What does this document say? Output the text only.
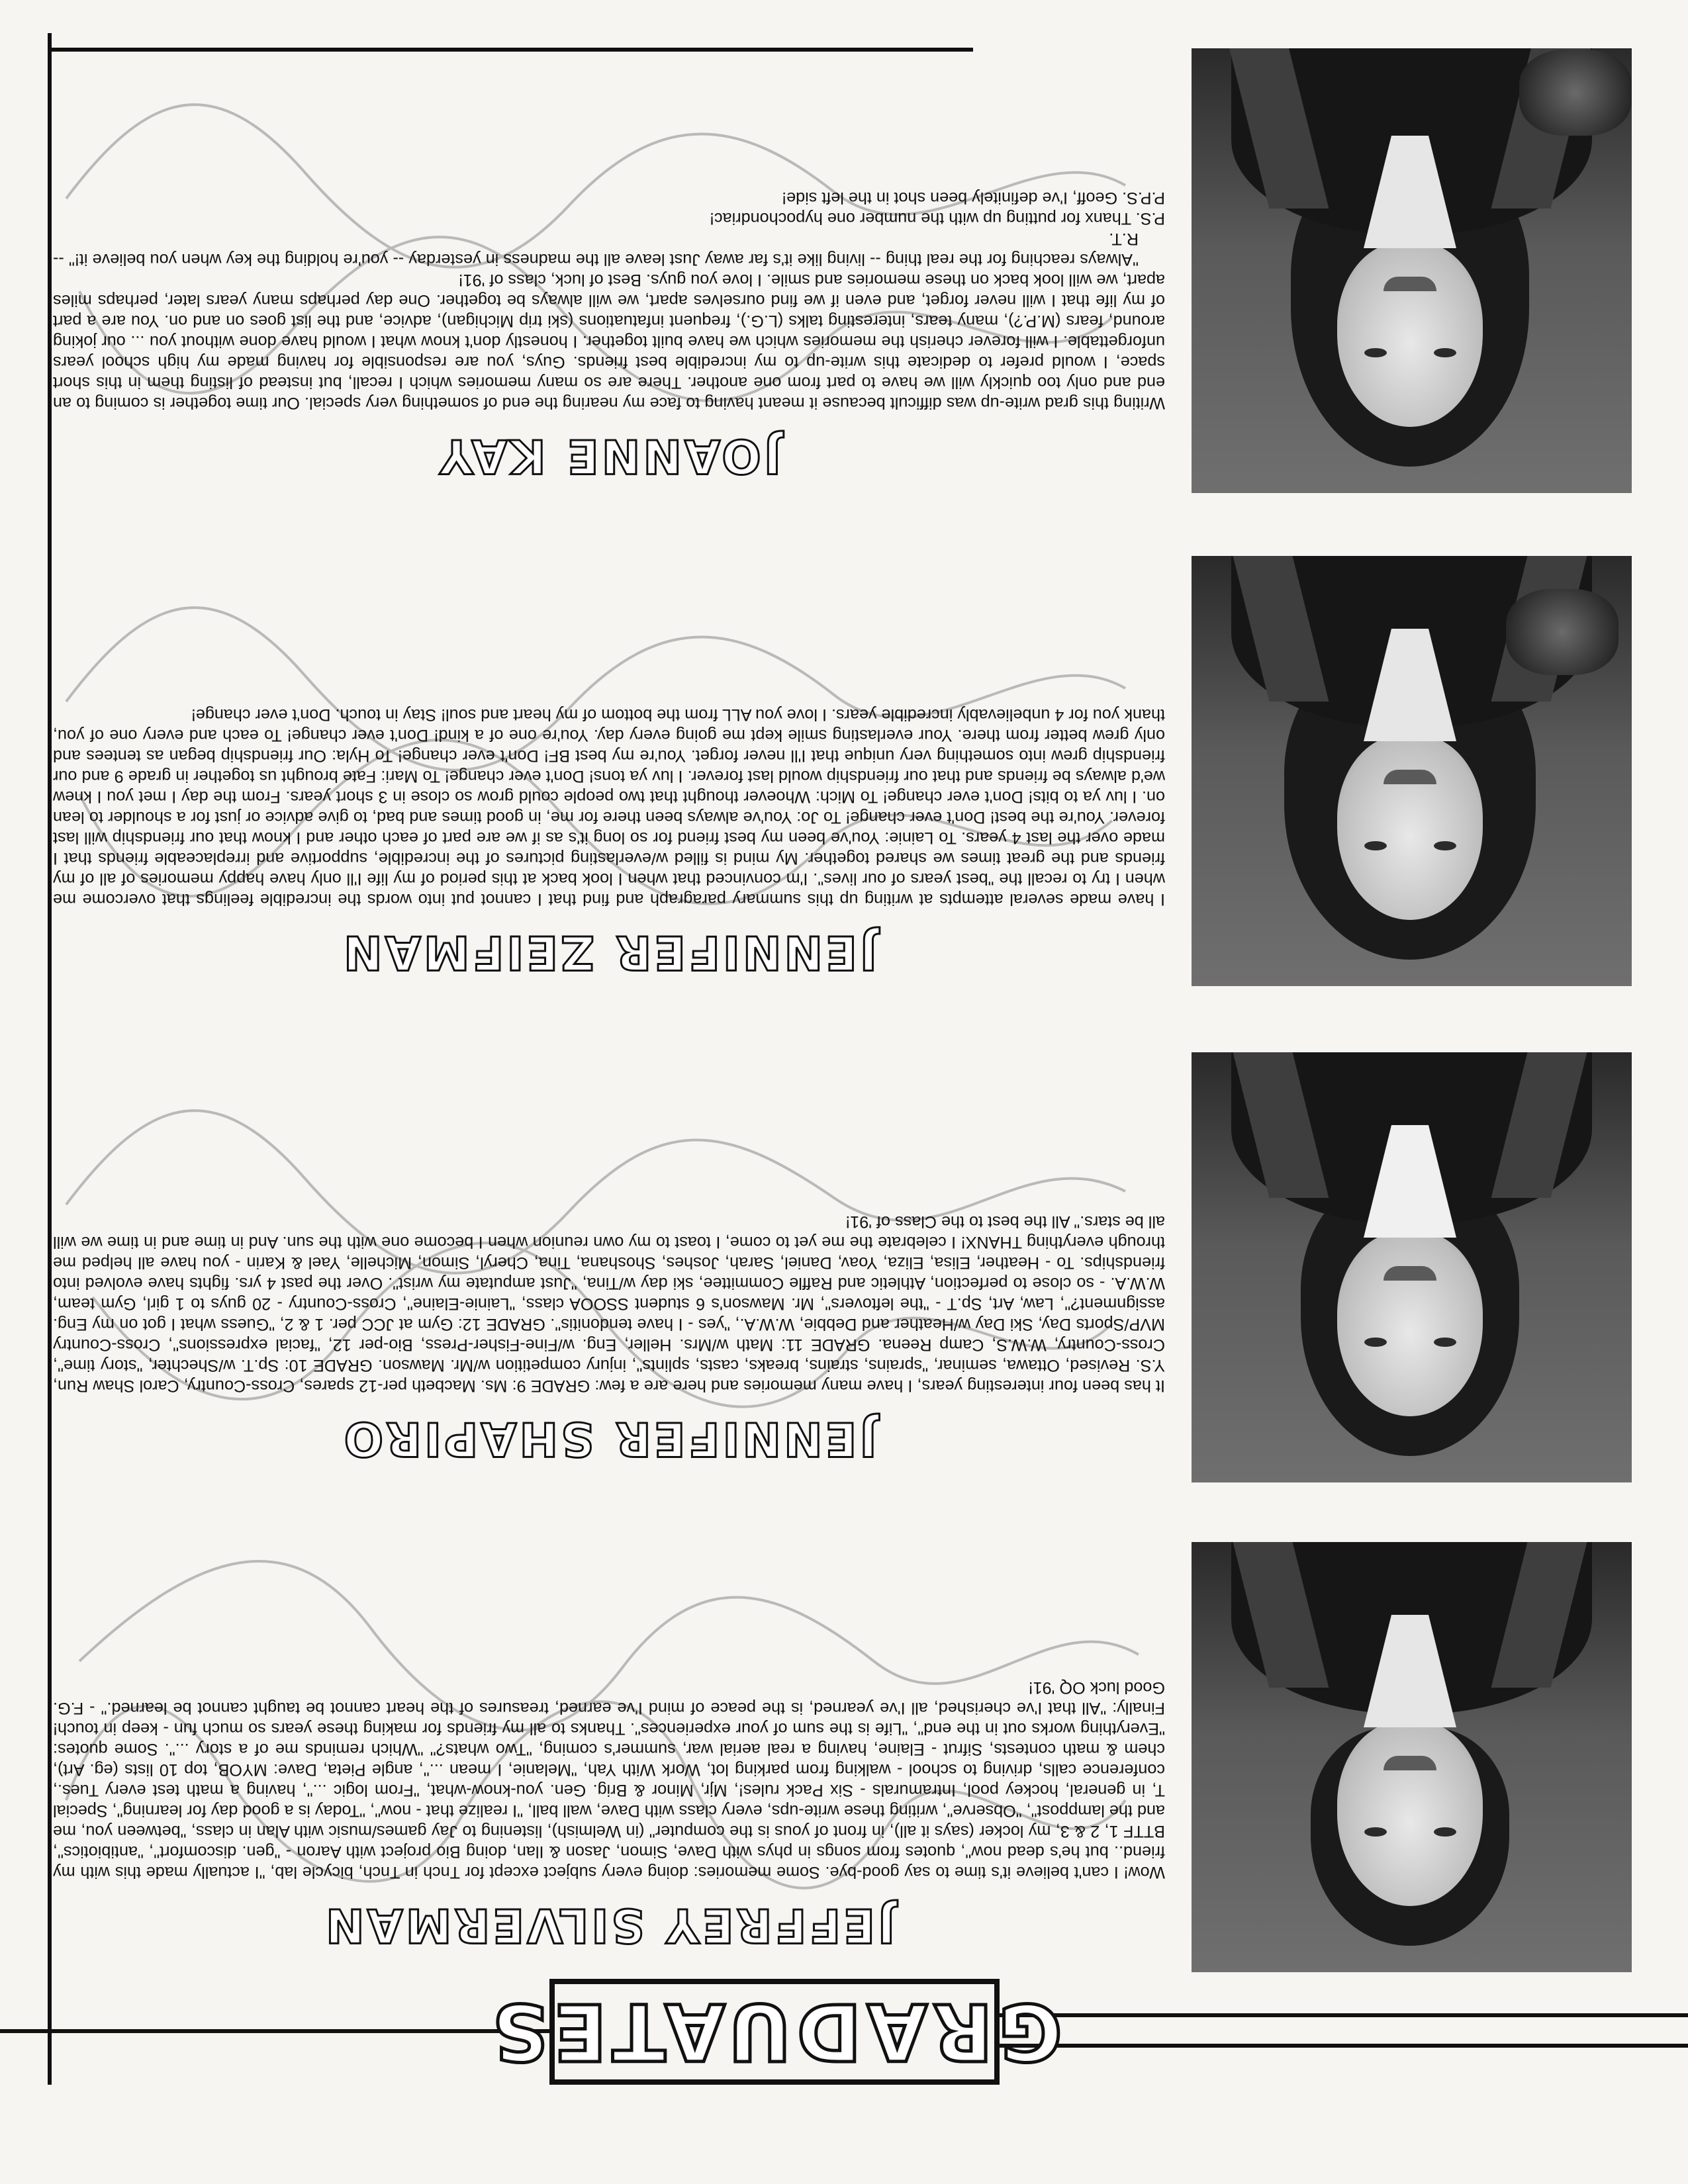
GRADUATES
JEFFREY SILVERMAN

Wow! I can't believe it's time to say good-bye. Some memories: doing every subject except for Tnch in Tnch, bicycle lab, "I actually made this with my friend.. but he's dead now", quotes from songs in phys with Dave, Simon, Jason & Ilan, doing Bio project with Aaron - "gen. discomfort", "antibiotics", BTTF 1, 2 & 3, my locker (says it all), in front of yous is the computer" (in Welmish), listening to Jay games/music with Alan in class, "between you, me and the lamppost", "Observe", writing these write-ups, every class with Dave, wall ball, "I realize that - now", "Today is a good day for learning", Special T, in general, hockey pool, Intramurals - Six Pack rules!, Mjr, Minor & Brig. Gen. you-know-what, "From logic ...", having a math test every Tues., conference calls, driving to school - walking from parking lot, Work With Yah, "Melanie, I mean ...", angle Pieta, Dave: MYOB, top 10 lists (eg. Art), chem & math contests, Sifrut - Elaine, having a real aerial war, summer's coming, "Two whats?" "Which reminds me of a story ...". Some quotes: "Everything works out in the end", "Life is the sum of your experiences". Thanks to all my friends for making these years so much fun - keep in touch! Finally: "All that I've cherished, all I've yearned, is the peace of mind I've earned, treasures of the heart cannot be taught cannot be learned." - F.G. Good luck OQ '91!

JENNIFER SHAPIRO

It has been four interesting years, I have many memories and here are a few: GRADE 9: Ms. Macbeth per-12 spares, Cross-Country, Carol Shaw Run, Y.S. Revised, Ottawa, seminar, "sprains, strains, breaks, casts, splints", injury competition w/Mr. Mawson. GRADE 10: Sp.T. w/Shechter, "story time", Cross-Country, W.W.S, Camp Reena. GRADE 11: Math w/Mrs. Heller, Eng. w/Fine-Fisher-Press, Bio-per 12, "facial expressions", Cross-Country MVP/Sports Day, Ski Day w/Heather and Debbie, W.W.A., "yes - I have tendonitis". GRADE 12: Gym at JCC per. 1 & 2, "Guess what I got on my Eng. assignment?", Law, Art, Sp.T - "the leftovers", Mr. Mawson's 6 student SSOOA class, "Lainie-Elaine", Cross-Country - 20 guys to 1 girl, Gym team, W.W.A. - so close to perfection, Athletic and Raffle Committee, ski day w/Tina, "Just amputate my wrist". Over the past 4 yrs. fights have evolved into friendships. To - Heather, Elisa, Eliza, Yoav, Daniel, Sarah, Joshes, Shoshana, Tina, Cheryl, Simon, Michelle, Yael & Karin - you have all helped me through everything THANX! I celebrate the me yet to come, I toast to my own reunion when I become one with the sun. And in time and in time we will all be stars." All the best to the Class of '91!

JENNIFER ZEIFMAN

I have made several attempts at writing up this summary paragraph and find that I cannot put into words the incredible feelings that overcome me when I try to recall the "best years of our lives". I'm convinced that when I look back at this period of my life I'll only have happy memories of all of my friends and the great times we shared together. My mind is filled w/everlasting pictures of the incredible, supportive and irreplaceable friends that I made over the last 4 years. To Lainie: You've been my best friend for so long it's as if we are part of each other and I know that our friendship will last forever. You're the best! Don't ever change! To Jo: You've always been there for me, in good times and bad, to give advice or just for a shoulder to lean on. I luv ya to bits! Don't ever change! To Mich: Whoever thought that two people could grow so close in 3 short years. From the day I met you I knew we'd always be friends and that our friendship would last forever. I luv ya tons! Don't ever change! To Mari: Fate brought us together in grade 9 and our friendship grew into something very unique that I'll never forget. You're my best BF! Don't ever change! To Hyla: Our friendship began as tentees and only grew better from there. Your everlasting smile kept me going every day. You're one of a kind! Don't ever change! To each and every one of you, thank you for 4 unbelievably incredible years. I love you ALL from the bottom of my heart and soul! Stay in touch. Don't ever change!

JOANNE KAY

Writing this grad write-up was difficult because it meant having to face my nearing the end of something very special. Our time together is coming to an end and only too quickly will we have to part from one another. There are so many memories which I recall, but instead of listing them in this short space, I would prefer to dedicate this write-up to my incredible best friends. Guys, you are responsible for having made my high school years unforgettable. I will forever cherish the memories which we have built together. I honestly don't know what I would have done without you ... our joking around, fears (M.P.?), many tears, interesting talks (L.G.), frequent infatuations (ski trip Michigan), advice, and the list goes on and on. You are a part of my life that I will never forget, and even if we find ourselves apart, we will always be together. One day perhaps many years later, perhaps miles apart, we will look back on these memories and smile. I love you guys. Best of luck, class of '91!

"Always reaching for the real thing -- living like it's far away Just leave all the madness in yesterday -- you're holding the key when you believe it!" -- R.T.

P.S. Thanx for putting up with the number one hypochondriac!

P.P.S. Geoff, I've definitely been shot in the left side!
